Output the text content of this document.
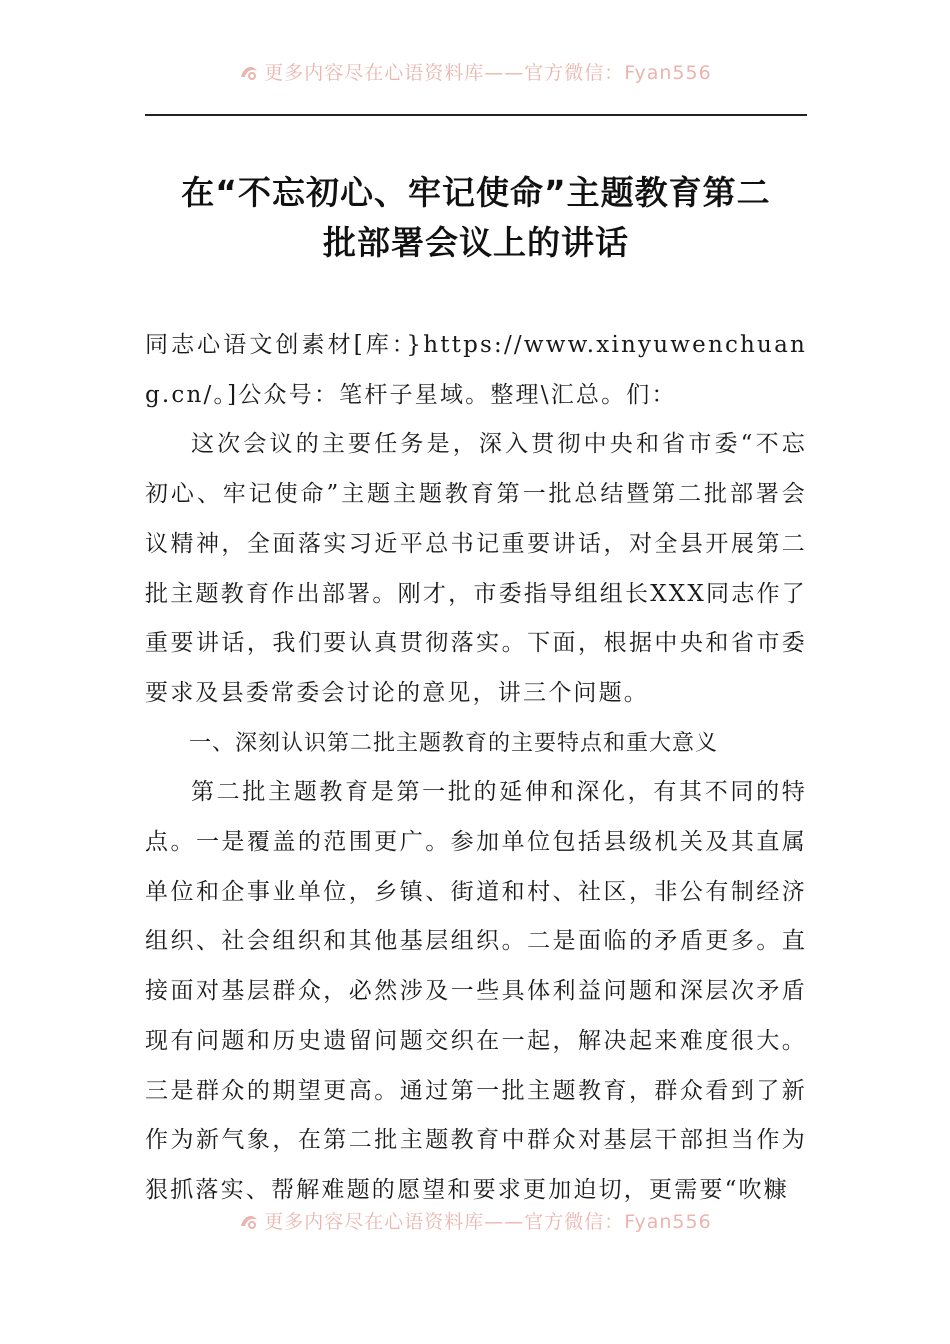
更多内容尽在心语资料库——官方微信：Fyan556
在“不忘初心、牢记使命”主题教育第二
批部署会议上的讲话

同志心语文创素材[库：}https://www.xinyuwenchuang.cn/。]公众号：笔杆子星域。整理\汇总。们：

这次会议的主要任务是，深入贯彻中央和省市委“不忘初心、牢记使命”主题主题教育第一批总结暨第二批部署会议精神，全面落实习近平总书记重要讲话，对全县开展第二批主题教育作出部署。刚才，市委指导组组长XXX同志作了重要讲话，我们要认真贯彻落实。下面，根据中央和省市委要求及县委常委会讨论的意见，讲三个问题。

一、深刻认识第二批主题教育的主要特点和重大意义

第二批主题教育是第一批的延伸和深化，有其不同的特点。一是覆盖的范围更广。参加单位包括县级机关及其直属单位和企事业单位，乡镇、街道和村、社区，非公有制经济组织、社会组织和其他基层组织。二是面临的矛盾更多。直接面对基层群众，必然涉及一些具体利益问题和深层次矛盾现有问题和历史遗留问题交织在一起，解决起来难度很大。三是群众的期望更高。通过第一批主题教育，群众看到了新作为新气象，在第二批主题教育中群众对基层干部担当作为狠抓落实、帮解难题的愿望和要求更加迫切，更需要“吹糠

更多内容尽在心语资料库——官方微信：Fyan556
